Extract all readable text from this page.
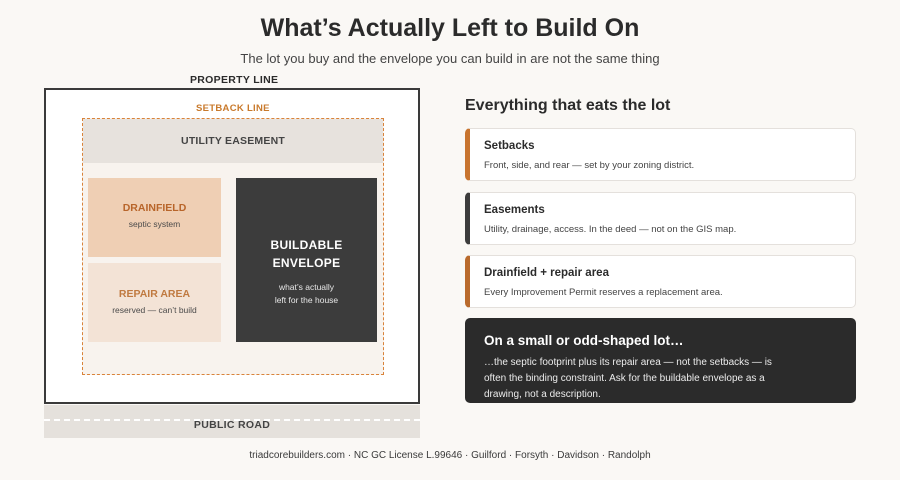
What’s Actually Left to Build On
The lot you buy and the envelope you can build in are not the same thing
PROPERTY LINE
SETBACK LINE
UTILITY EASEMENT
DRAINFIELD
septic system
REPAIR AREA
reserved — can’t build
BUILDABLE
ENVELOPE
what’s actually
left for the house
PUBLIC ROAD
Everything that eats the lot
Setbacks
Front, side, and rear — set by your zoning district.
Easements
Utility, drainage, access. In the deed — not on the GIS map.
Drainfield + repair area
Every Improvement Permit reserves a replacement area.
On a small or odd-shaped lot…
…the septic footprint plus its repair area — not the setbacks — is often the binding constraint. Ask for the buildable envelope as a drawing, not a description.
triadcorebuilders.com · NC GC License L.99646 · Guilford · Forsyth · Davidson · Randolph
